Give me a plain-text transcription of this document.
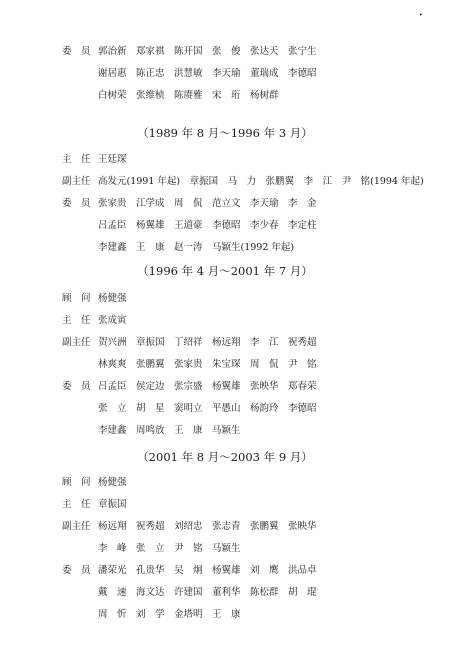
•
委　员 郭治新　郑家祺　陈开国　张　俊　张达天　张宁生
谢居惠　陈正忠　洪慧敏　李天瑜　董瑞成　李德昭
白树荣　张维桢　陈赓雅　宋　珩　杨树群
（1989 年 8 月～1996 年 3 月）
主　任 王廷琛
副主任 高发元(1991 年起)　章振国　马　力　张鹏翼　李　江　尹　铭(1994 年起)
委　员 张家贵　江学成　周　侃　范立文　李天瑜　李　金
吕孟臣　杨翼雄　王道豪　李德昭　李少春　李定柱
李建鑫　王　康　赵一涛　马颖生(1992 年起)
（1996 年 4 月～2001 年 7 月）
顾　问 杨健强
主　任 张成寅
副主任 贺兴洲　章振国　丁绍祥　杨远翔　李　江　祝秀超
林爽爽　张鹏翼　张家贵　朱宝琛　周　侃　尹　铭
委　员 吕孟臣　侯定边　张宗盛　杨翼雄　张映华　郑春荣
张　立　胡　星　窦明立　平愚山　杨韵玲　李德昭
李建鑫　周鸣放　王　康　马颖生
（2001 年 8 月～2003 年 9 月）
顾　问 杨健强
主　任 章振国
副主任 杨远翔　祝秀超　刘绍忠　张志青　张鹏翼　张映华
李　峰　张　立　尹　铭　马颖生
委　员 潘荣光　孔贵华　吴　炯　杨翼雄　刘　鹰　洪品卓
戴　速　海文达　许建国　董利华　陈松群　胡　琨
周　忻　刘　学　金塔明　王　康
